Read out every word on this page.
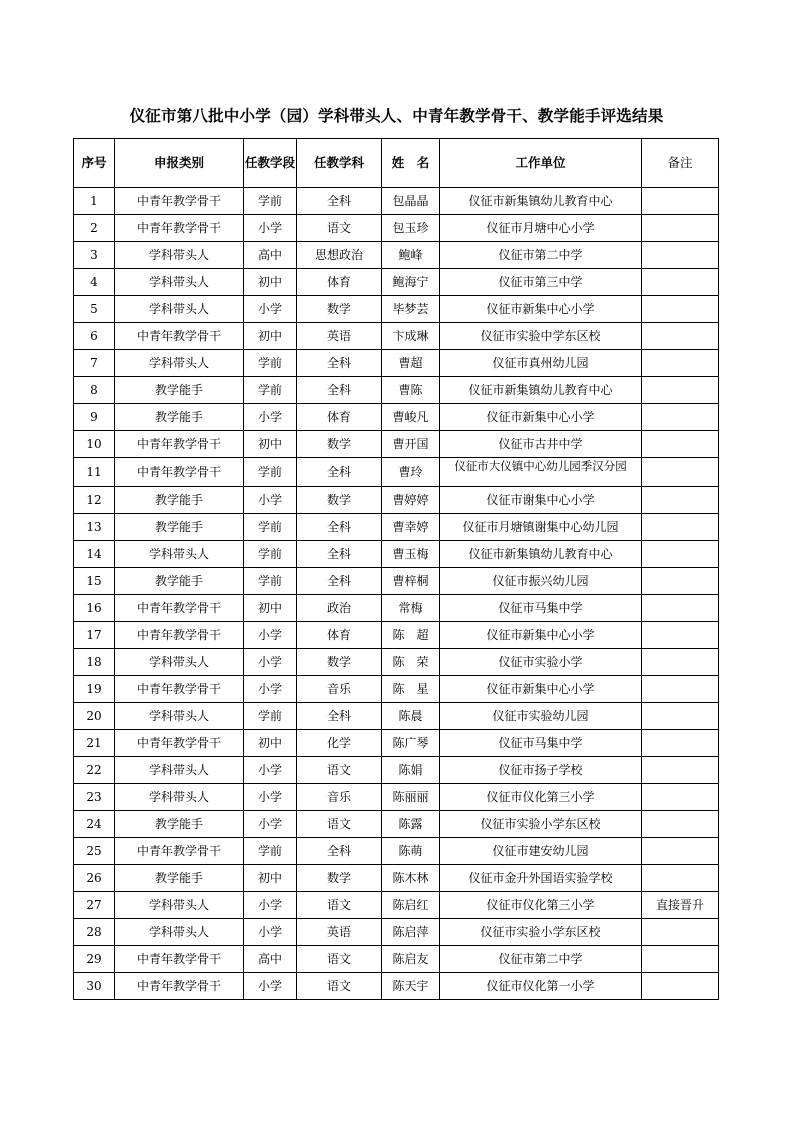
仪征市第八批中小学（园）学科带头人、中青年教学骨干、教学能手评选结果
序号	申报类别	任教学段	任教学科	姓　名	工作单位	备注
1	中青年教学骨干	学前	全科	包晶晶	仪征市新集镇幼儿教育中心	
2	中青年教学骨干	小学	语文	包玉珍	仪征市月塘中心小学	
3	学科带头人	高中	思想政治	鲍峰	仪征市第二中学	
4	学科带头人	初中	体育	鲍海宁	仪征市第三中学	
5	学科带头人	小学	数学	毕梦芸	仪征市新集中心小学	
6	中青年教学骨干	初中	英语	卞成琳	仪征市实验中学东区校	
7	学科带头人	学前	全科	曹超	仪征市真州幼儿园	
8	教学能手	学前	全科	曹陈	仪征市新集镇幼儿教育中心	
9	教学能手	小学	体育	曹峻凡	仪征市新集中心小学	
10	中青年教学骨干	初中	数学	曹开国	仪征市古井中学	
11	中青年教学骨干	学前	全科	曹玲	仪征市大仪镇中心幼儿园季汉分园	
12	教学能手	小学	数学	曹婷婷	仪征市谢集中心小学	
13	教学能手	学前	全科	曹幸婷	仪征市月塘镇谢集中心幼儿园	
14	学科带头人	学前	全科	曹玉梅	仪征市新集镇幼儿教育中心	
15	教学能手	学前	全科	曹梓桐	仪征市振兴幼儿园	
16	中青年教学骨干	初中	政治	常梅	仪征市马集中学	
17	中青年教学骨干	小学	体育	陈　超	仪征市新集中心小学	
18	学科带头人	小学	数学	陈　荣	仪征市实验小学	
19	中青年教学骨干	小学	音乐	陈　星	仪征市新集中心小学	
20	学科带头人	学前	全科	陈晨	仪征市实验幼儿园	
21	中青年教学骨干	初中	化学	陈广琴	仪征市马集中学	
22	学科带头人	小学	语文	陈娟	仪征市扬子学校	
23	学科带头人	小学	音乐	陈丽丽	仪征市仪化第三小学	
24	教学能手	小学	语文	陈露	仪征市实验小学东区校	
25	中青年教学骨干	学前	全科	陈萌	仪征市建安幼儿园	
26	教学能手	初中	数学	陈木林	仪征市金升外国语实验学校	
27	学科带头人	小学	语文	陈启红	仪征市仪化第三小学	直接晋升
28	学科带头人	小学	英语	陈启萍	仪征市实验小学东区校	
29	中青年教学骨干	高中	语文	陈启友	仪征市第二中学	
30	中青年教学骨干	小学	语文	陈天宇	仪征市仪化第一小学	
